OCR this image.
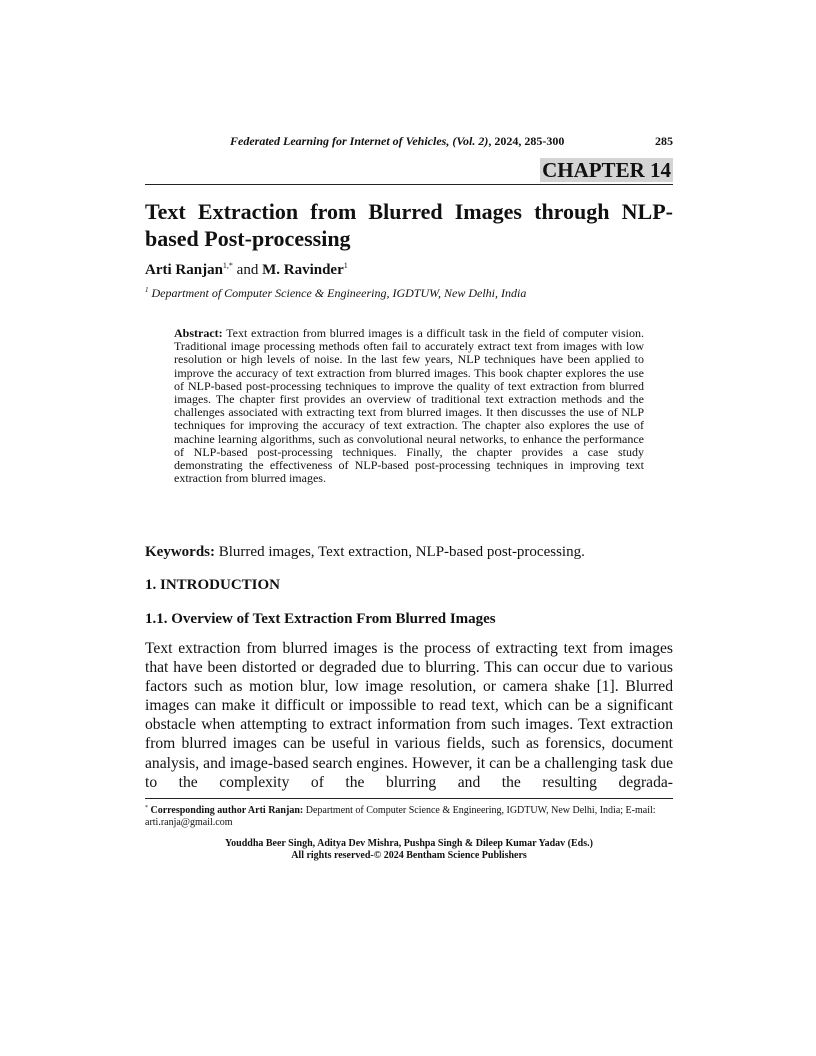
Federated Learning for Internet of Vehicles, (Vol. 2), 2024, 285-300	285
CHAPTER 14
Text Extraction from Blurred Images through NLP-based Post-processing
Arti Ranjan$^{1,*}$ and M. Ravinder$^1$
$^1$ Department of Computer Science & Engineering, IGDTUW, New Delhi, India
Abstract: Text extraction from blurred images is a difficult task in the field of computer vision. Traditional image processing methods often fail to accurately extract text from images with low resolution or high levels of noise. In the last few years, NLP techniques have been applied to improve the accuracy of text extraction from blurred images. This book chapter explores the use of NLP-based post-processing techniques to improve the quality of text extraction from blurred images. The chapter first provides an overview of traditional text extraction methods and the challenges associated with extracting text from blurred images. It then discusses the use of NLP techniques for improving the accuracy of text extraction. The chapter also explores the use of machine learning algorithms, such as convolutional neural networks, to enhance the performance of NLP-based post-processing techniques. Finally, the chapter provides a case study demonstrating the effectiveness of NLP-based post-processing techniques in improving text extraction from blurred images.
Keywords: Blurred images, Text extraction, NLP-based post-processing.
1. INTRODUCTION
1.1. Overview of Text Extraction From Blurred Images
Text extraction from blurred images is the process of extracting text from images that have been distorted or degraded due to blurring. This can occur due to various factors such as motion blur, low image resolution, or camera shake [1]. Blurred images can make it difficult or impossible to read text, which can be a significant obstacle when attempting to extract information from such images. Text extraction from blurred images can be useful in various fields, such as forensics, document analysis, and image-based search engines. However, it can be a challenging task due to the complexity of the blurring and the resulting degrada-
* Corresponding author Arti Ranjan: Department of Computer Science & Engineering, IGDTUW, New Delhi, India; E-mail: arti.ranja@gmail.com
Youddha Beer Singh, Aditya Dev Mishra, Pushpa Singh & Dileep Kumar Yadav (Eds.)
All rights reserved-© 2024 Bentham Science Publishers
